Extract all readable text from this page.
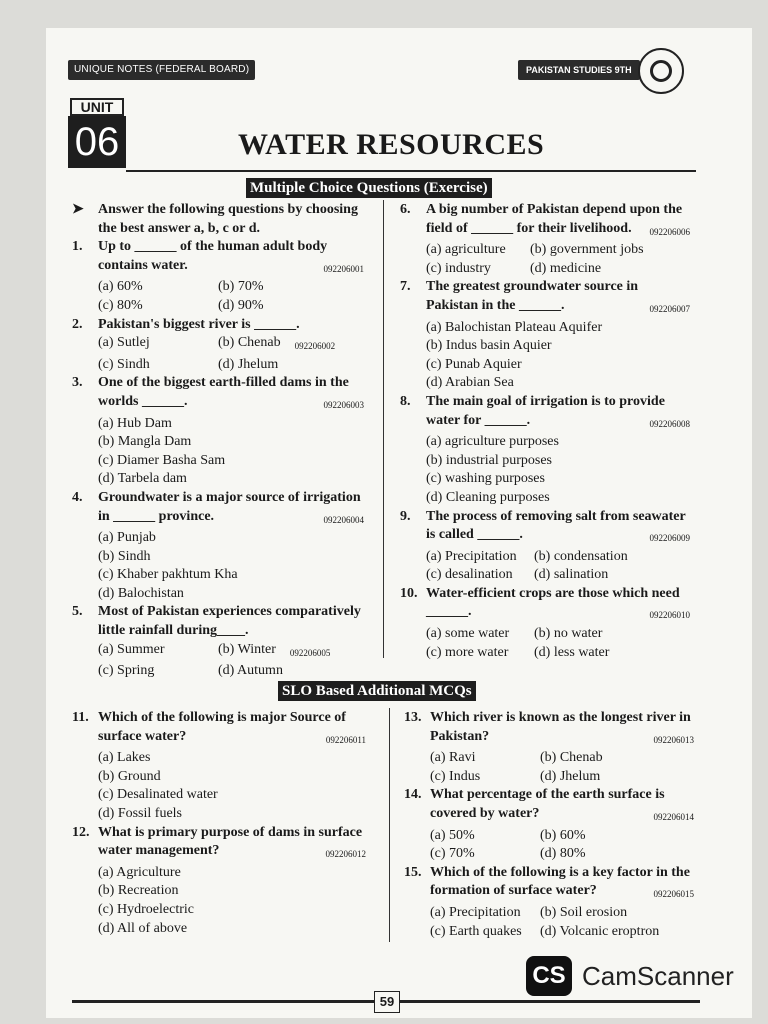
UNIQUE NOTES (FEDERAL BOARD)	PAKISTAN STUDIES 9TH
UNIT
06	WATER RESOURCES
Multiple Choice Questions (Exercise)
➤	Answer the following questions by choosing the best answer a, b, c or d.
1.	Up to ______ of the human adult body contains water.	092206001
(a) 60%	(b) 70%
(c) 80%	(d) 90%
2.	Pakistan's biggest river is ______.
(a) Sutlej	(b) Chenab 092206002
(c) Sindh	(d) Jhelum
3.	One of the biggest earth-filled dams in the worlds ______.	092206003
(a) Hub Dam
(b) Mangla Dam
(c) Diamer Basha Sam
(d) Tarbela dam
4.	Groundwater is a major source of irrigation in ______ province.	092206004
(a) Punjab
(b) Sindh
(c) Khaber pakhtum Kha
(d) Balochistan
5.	Most of Pakistan experiences comparatively little rainfall during____.
(a) Summer	(b) Winter 092206005
(c) Spring	(d) Autumn
6.	A big number of Pakistan depend upon the field of ______ for their livelihood. 092206006
(a) agriculture	(b) government jobs
(c) industry	(d) medicine
7.	The greatest groundwater source in Pakistan in the ______.	092206007
(a) Balochistan Plateau Aquifer
(b) Indus basin Aquier
(c) Punab Aquier
(d) Arabian Sea
8.	The main goal of irrigation is to provide water for ______.	092206008
(a) agriculture purposes
(b) industrial purposes
(c) washing purposes
(d) Cleaning purposes
9.	The process of removing salt from seawater is called ______.	092206009
(a) Precipitation	(b) condensation
(c) desalination	(d) salination
10. Water-efficient crops are those which need ______.	092206010
(a) some water	(b) no water
(c) more water	(d) less water
SLO Based Additional MCQs
11. Which of the following is major Source of surface water?	092206011
(a) Lakes
(b) Ground
(c) Desalinated water
(d) Fossil fuels
12. What is primary purpose of dams in surface water management?	092206012
(a) Agriculture
(b) Recreation
(c) Hydroelectric
(d) All of above
13. Which river is known as the longest river in Pakistan?	092206013
(a) Ravi	(b) Chenab
(c) Indus	(d) Jhelum
14. What percentage of the earth surface is covered by water?	092206014
(a) 50%	(b) 60%
(c) 70%	(d) 80%
15. Which of the following is a key factor in the formation of surface water?	092206015
(a) Precipitation	(b) Soil erosion
(c) Earth quakes	(d) Volcanic eroptron
CS CamScanner
59
